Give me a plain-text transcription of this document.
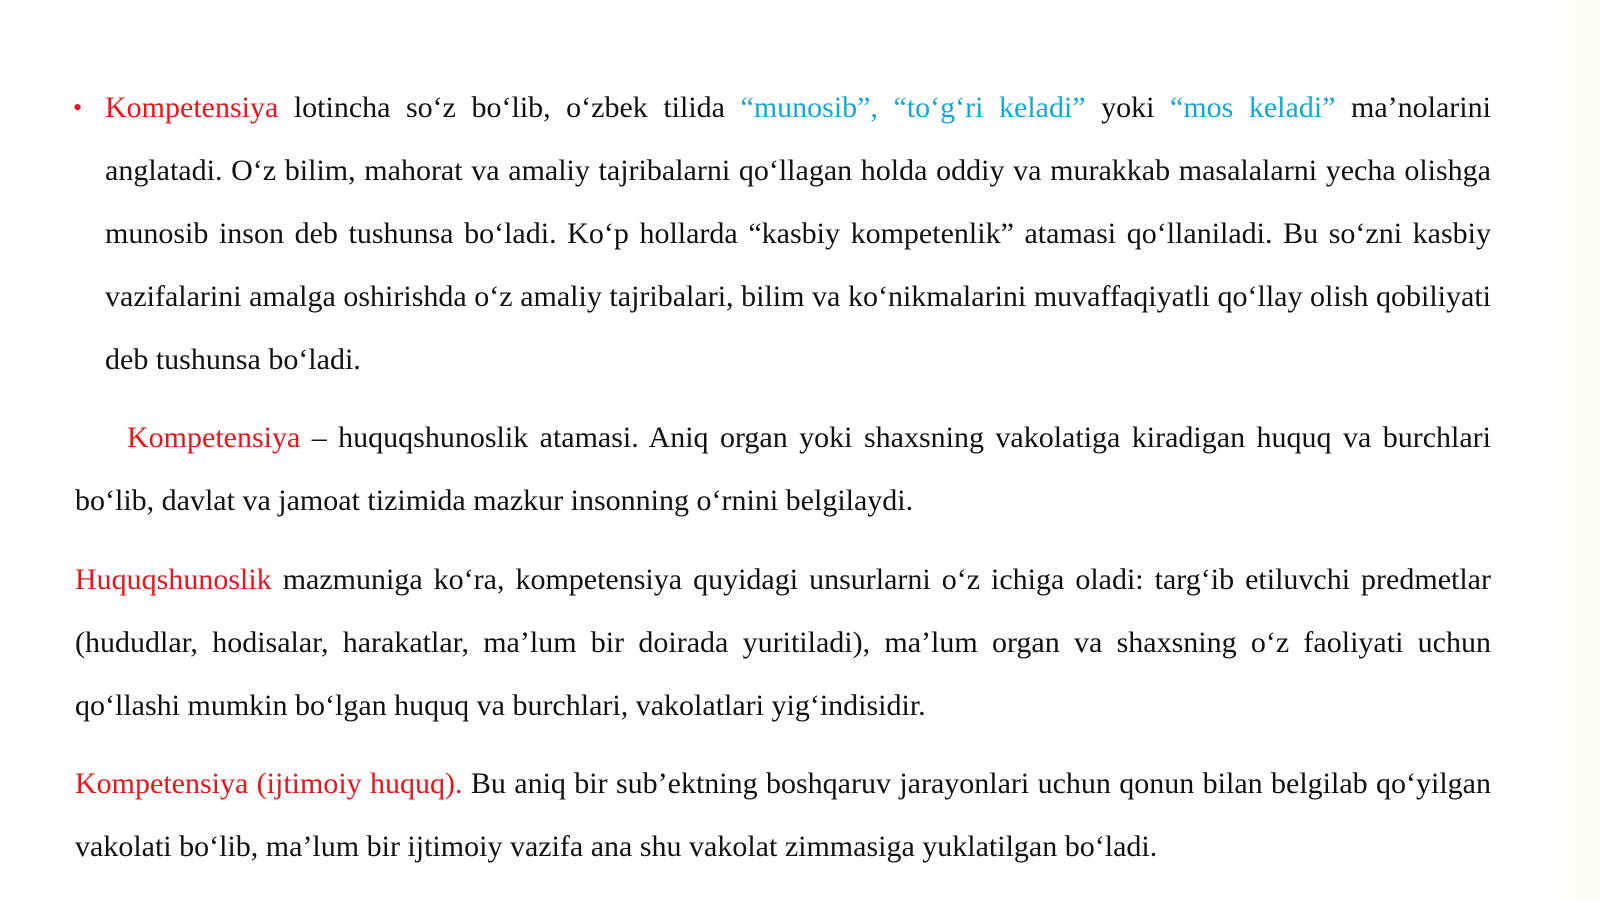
• Kompetensiya lotincha so‘z bo‘lib, o‘zbek tilida “munosib”, “to‘g‘ri keladi” yoki “mos keladi” ma’nolarini anglatadi. O‘z bilim, mahorat va amaliy tajribalarni qo‘llagan holda oddiy va murakkab masalalarni yecha olishga munosib inson deb tushunsa bo‘ladi. Ko‘p hollarda “kasbiy kompetenlik” atamasi qo‘llaniladi. Bu so‘zni kasbiy vazifalarini amalga oshirishda o‘z amaliy tajribalari, bilim va ko‘nikmalarini muvaffaqiyatli qo‘llay olish qobiliyati deb tushunsa bo‘ladi.

Kompetensiya – huquqshunoslik atamasi. Aniq organ yoki shaxsning vakolatiga kiradigan huquq va burchlari bo‘lib, davlat va jamoat tizimida mazkur insonning o‘rnini belgilaydi.

Huquqshunoslik mazmuniga ko‘ra, kompetensiya quyidagi unsurlarni o‘z ichiga oladi: targ‘ib etiluvchi predmetlar (hududlar, hodisalar, harakatlar, ma’lum bir doirada yuritiladi), ma’lum organ va shaxsning o‘z faoliyati uchun qo‘llashi mumkin bo‘lgan huquq va burchlari, vakolatlari yig‘indisidir.

Kompetensiya (ijtimoiy huquq). Bu aniq bir sub’ektning boshqaruv jarayonlari uchun qonun bilan belgilab qo‘yilgan vakolati bo‘lib, ma’lum bir ijtimoiy vazifa ana shu vakolat zimmasiga yuklatilgan bo‘ladi.
